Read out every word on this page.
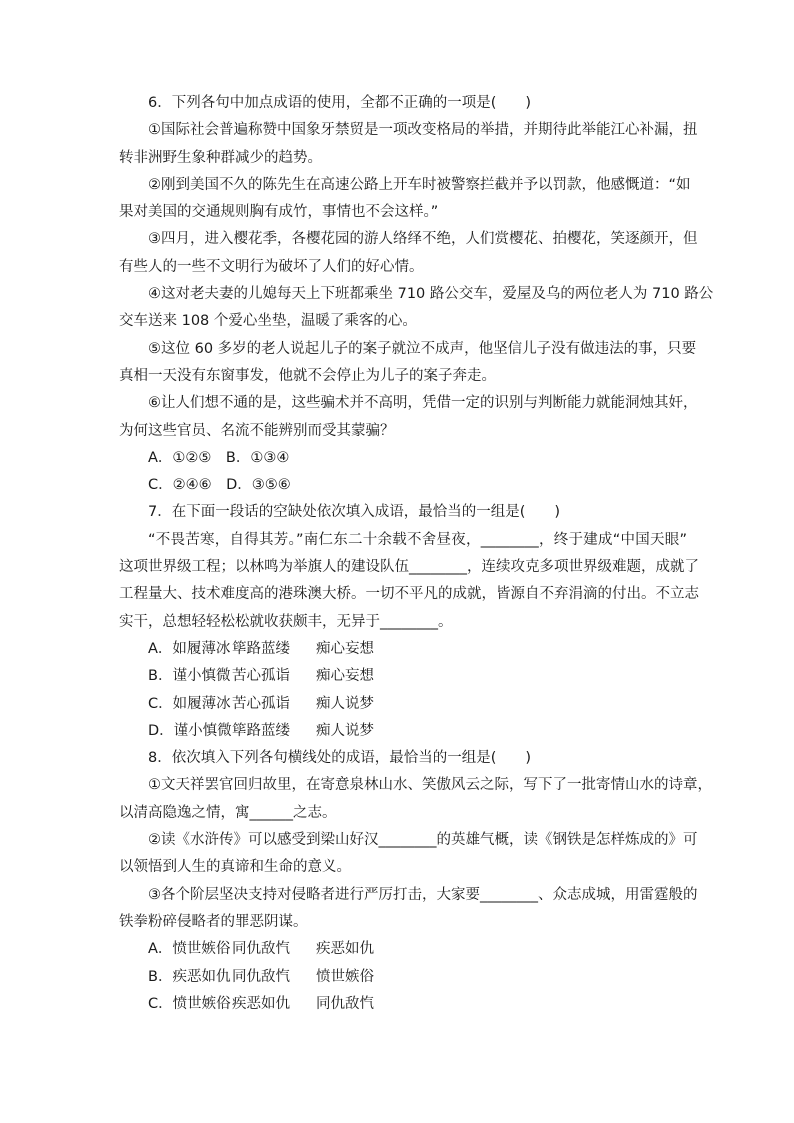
6．下列各句中加点成语的使用，全都不正确的一项是(　　)
①国际社会普遍称赞中国象牙禁贸是一项改变格局的举措，并期待此举能江心补漏，扭
转非洲野生象种群减少的趋势。
②刚到美国不久的陈先生在高速公路上开车时被警察拦截并予以罚款，他感慨道：“如
果对美国的交通规则胸有成竹，事情也不会这样。”
③四月，进入樱花季，各樱花园的游人络绎不绝，人们赏樱花、拍樱花，笑逐颜开，但
有些人的一些不文明行为破坏了人们的好心情。
④这对老夫妻的儿媳每天上下班都乘坐 710 路公交车，爱屋及乌的两位老人为 710 路公
交车送来 108 个爱心坐垫，温暖了乘客的心。
⑤这位 60 多岁的老人说起儿子的案子就泣不成声，他坚信儿子没有做违法的事，只要
真相一天没有东窗事发，他就不会停止为儿子的案子奔走。
⑥让人们想不通的是，这些骗术并不高明，凭借一定的识别与判断能力就能洞烛其奸，
为何这些官员、名流不能辨别而受其蒙骗？
A．①②⑤　B．①③④
C．②④⑥　D．③⑤⑥
7．在下面一段话的空缺处依次填入成语，最恰当的一组是(　　)
“不畏苦寒，自得其芳。”南仁东二十余载不舍昼夜，________，终于建成“中国天眼”
这项世界级工程；以林鸣为举旗人的建设队伍________，连续攻克多项世界级难题，成就了
工程量大、技术难度高的港珠澳大桥。一切不平凡的成就，皆源自不弃涓滴的付出。不立志
实干，总想轻轻松松就收获颇丰，无异于________。
A．如履薄冰 筚路蓝缕 痴心妄想
B．谨小慎微 苦心孤诣 痴心妄想
C．如履薄冰苦心孤诣 痴人说梦
D．谨小慎微筚路蓝缕 痴人说梦
8．依次填入下列各句横线处的成语，最恰当的一组是(　　)
①文天祥罢官回归故里，在寄意泉林山水、笑傲风云之际，写下了一批寄情山水的诗章，
以清高隐逸之情，寓______之志。
②读《水浒传》可以感受到梁山好汉________的英雄气概，读《钢铁是怎样炼成的》可
以领悟到人生的真谛和生命的意义。
③各个阶层坚决支持对侵略者进行严厉打击，大家要________、众志成城，用雷霆般的
铁拳粉碎侵略者的罪恶阴谋。
A．愤世嫉俗 同仇敌忾 疾恶如仇
B．疾恶如仇 同仇敌忾 愤世嫉俗
C．愤世嫉俗疾恶如仇 同仇敌忾
